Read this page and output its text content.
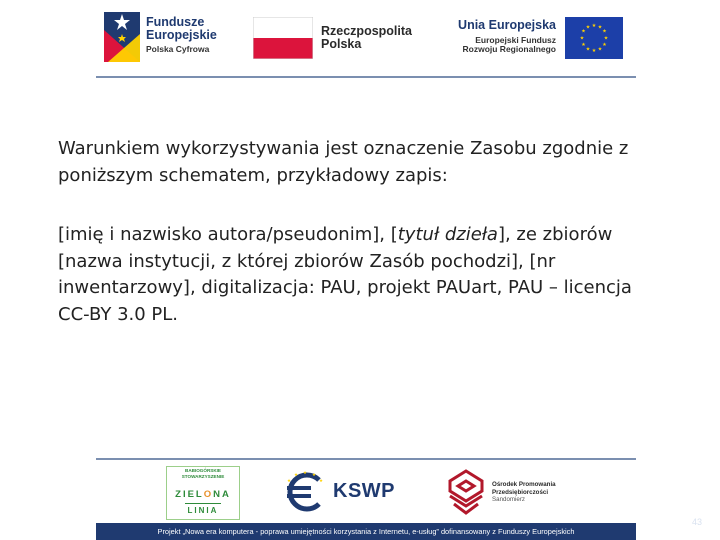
Fundusze
Europejskie
Polska Cyfrowa
Rzeczpospolita
Polska
Unia Europejska
Europejski Fundusz
Rozwoju Regionalnego
★ ★
★
★
★
★
★
★
★
★
★
★

Warunkiem wykorzystywania jest oznaczenie Zasobu zgodnie z poniższym schematem, przykładowy zapis:

[imię i nazwisko autora/pseudonim], [tytuł dzieła], ze zbiorów [nazwa instytucji, z której zbiorów Zasób pochodzi], [nr inwentarzowy], digitalizacja: PAU, projekt PAUart, PAU – licencja CC-BY 3.0 PL.

BABIOGÓRSKIE
STOWARZYSZENIE
ZIELONA
LINIA
★ ★
★
★
★ KSWP	Ośrodek Promowania
Przedsiębiorczości
Sandomierz
Projekt „Nowa era komputera - poprawa umiejętności korzystania z Internetu, e-usług” dofinansowany z Funduszy Europejskich
43
